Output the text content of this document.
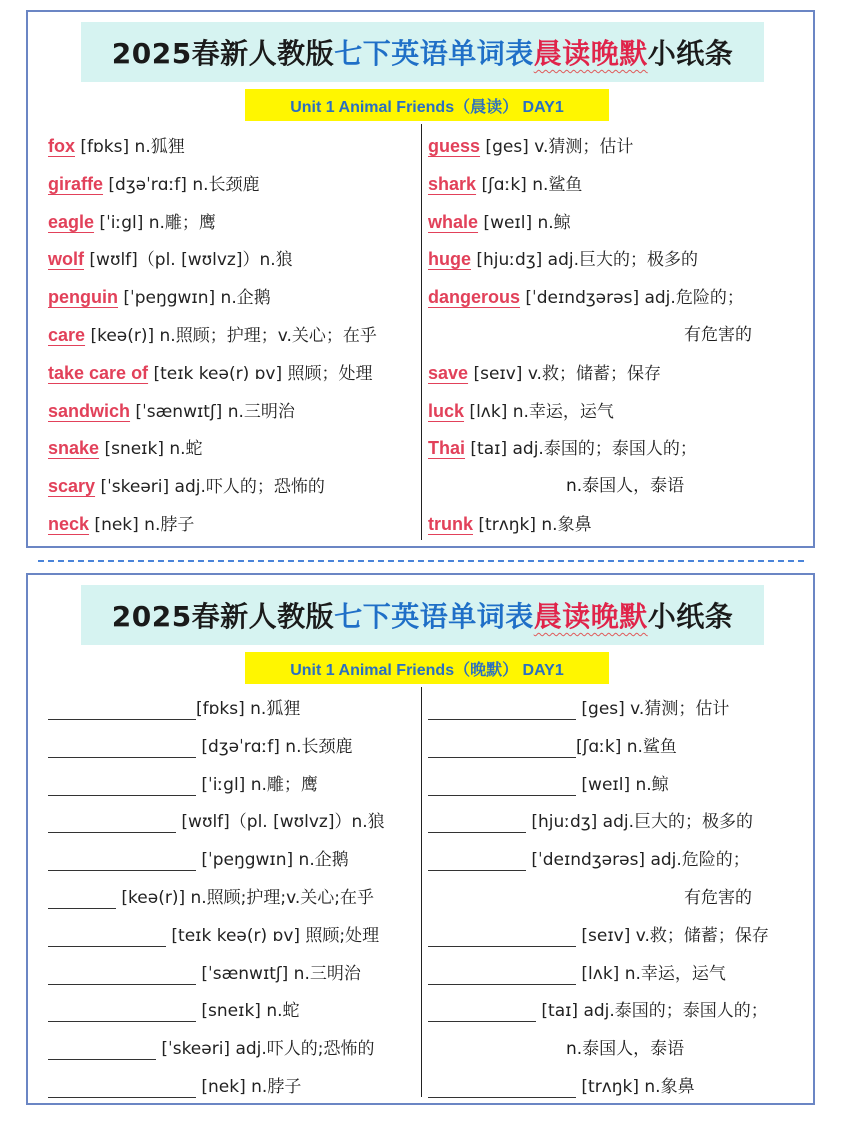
2025春新人教版七下英语单词表晨读晚默小纸条
Unit 1 Animal Friends（晨读） DAY1
fox [fɒks] n.狐狸
giraffe [dʒəˈrɑːf] n.长颈鹿
eagle [ˈiːgl] n.雕；鹰
wolf [wʊlf]（pl. [wʊlvz]）n.狼
penguin [ˈpeŋgwɪn] n.企鹅
care [keə(r)] n.照顾；护理；v.关心；在乎
take care of [teɪk keə(r) ɒv] 照顾；处理
sandwich [ˈsænwɪtʃ] n.三明治
snake [sneɪk] n.蛇
scary [ˈskeəri] adj.吓人的；恐怖的
neck [nek] n.脖子
guess [ges] v.猜测；估计
shark [ʃɑːk] n.鲨鱼
whale [weɪl] n.鲸
huge [hjuːdʒ] adj.巨大的；极多的
dangerous [ˈdeɪndʒərəs] adj.危险的；
有危害的
save [seɪv] v.救；储蓄；保存
luck [lʌk] n.幸运，运气
Thai [taɪ] adj.泰国的；泰国人的；
n.泰国人，泰语
trunk [trʌŋk] n.象鼻
2025春新人教版七下英语单词表晨读晚默小纸条
Unit 1 Animal Friends（晚默） DAY1
[fɒks] n.狐狸
[dʒəˈrɑːf] n.长颈鹿
[ˈiːgl] n.雕；鹰
[wʊlf]（pl. [wʊlvz]）n.狼
[ˈpeŋgwɪn] n.企鹅
[keə(r)] n.照顾;护理;v.关心;在乎
[teɪk keə(r) ɒv] 照顾;处理
[ˈsænwɪtʃ] n.三明治
[sneɪk] n.蛇
[ˈskeəri] adj.吓人的;恐怖的
[nek] n.脖子
[ges] v.猜测；估计
[ʃɑːk] n.鲨鱼
[weɪl] n.鲸
[hjuːdʒ] adj.巨大的；极多的
[ˈdeɪndʒərəs] adj.危险的；
有危害的
[seɪv] v.救；储蓄；保存
[lʌk] n.幸运，运气
[taɪ] adj.泰国的；泰国人的；
n.泰国人，泰语
[trʌŋk] n.象鼻
